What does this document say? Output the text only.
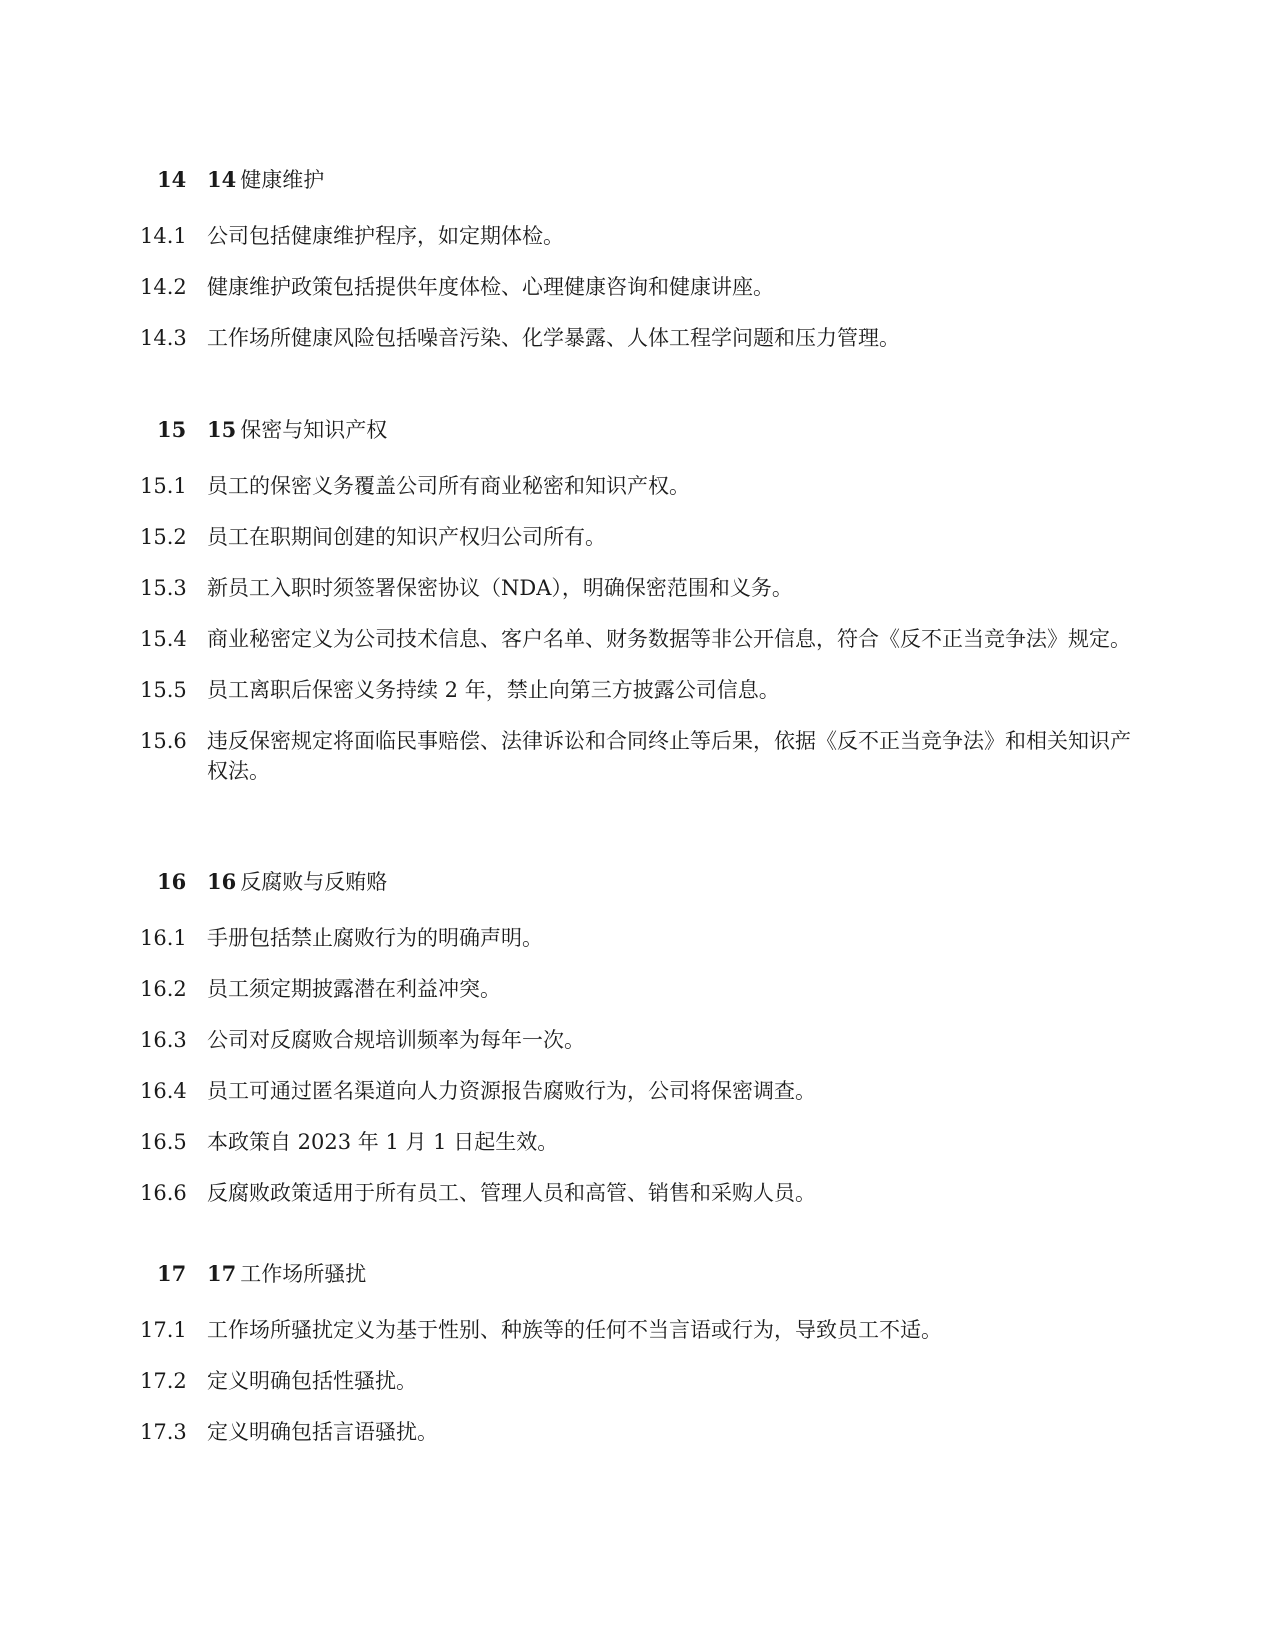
14 14 健康维护
14.1 公司包括健康维护程序，如定期体检。
14.2 健康维护政策包括提供年度体检、心理健康咨询和健康讲座。
14.3 工作场所健康风险包括噪音污染、化学暴露、人体工程学问题和压力管理。
15 15 保密与知识产权
15.1 员工的保密义务覆盖公司所有商业秘密和知识产权。
15.2 员工在职期间创建的知识产权归公司所有。
15.3 新员工入职时须签署保密协议（NDA），明确保密范围和义务。
15.4 商业秘密定义为公司技术信息、客户名单、财务数据等非公开信息，符合《反不正当竞争法》规定。
15.5 员工离职后保密义务持续 2 年，禁止向第三方披露公司信息。
15.6 违反保密规定将面临民事赔偿、法律诉讼和合同终止等后果，依据《反不正当竞争法》和相关知识产权法。
16 16 反腐败与反贿赂
16.1 手册包括禁止腐败行为的明确声明。
16.2 员工须定期披露潜在利益冲突。
16.3 公司对反腐败合规培训频率为每年一次。
16.4 员工可通过匿名渠道向人力资源报告腐败行为，公司将保密调查。
16.5 本政策自 2023 年 1 月 1 日起生效。
16.6 反腐败政策适用于所有员工、管理人员和高管、销售和采购人员。
17 17 工作场所骚扰
17.1 工作场所骚扰定义为基于性别、种族等的任何不当言语或行为，导致员工不适。
17.2 定义明确包括性骚扰。
17.3 定义明确包括言语骚扰。
